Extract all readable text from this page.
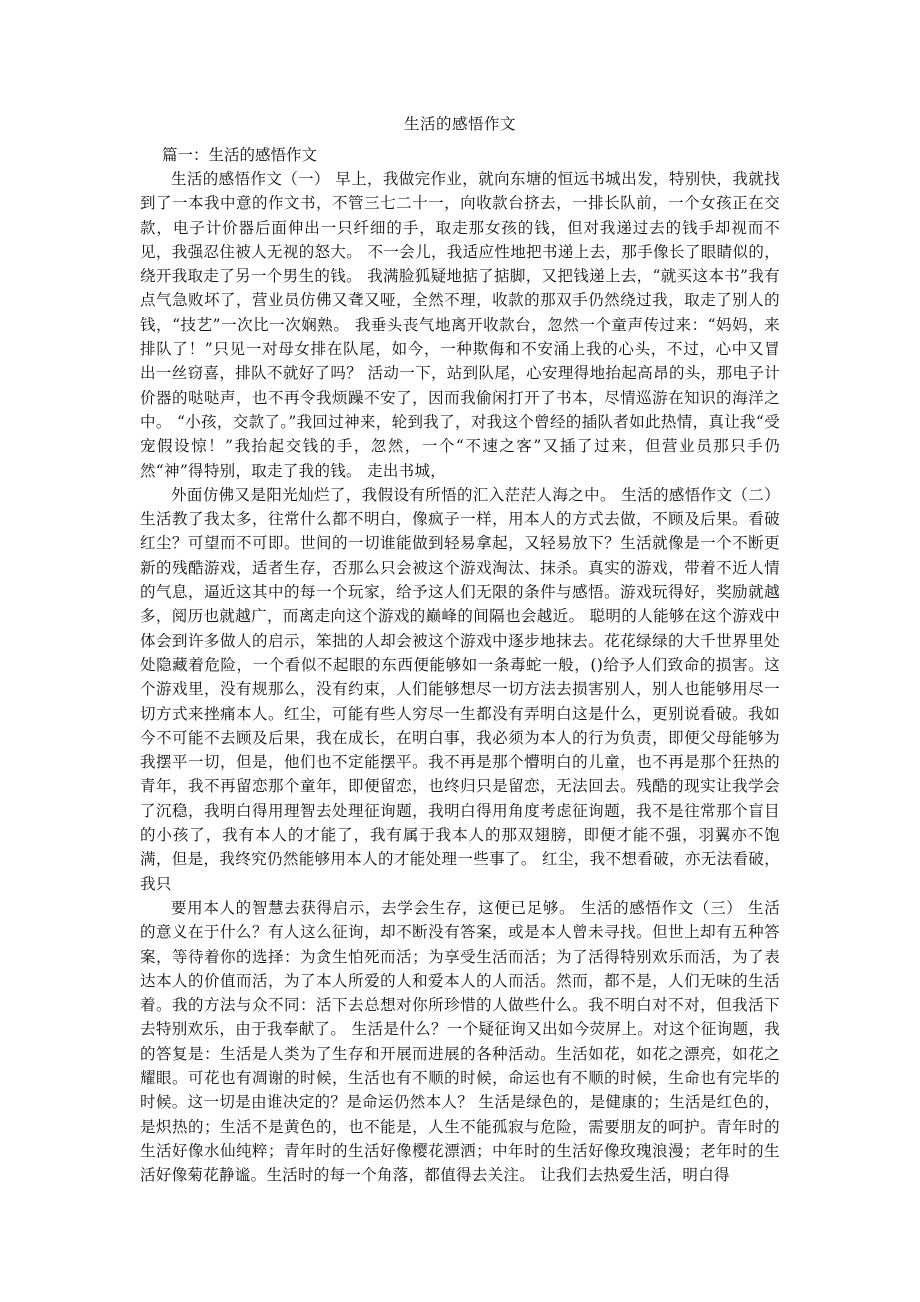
生活的感悟作文

篇一：生活的感悟作文

生活的感悟作文（一） 早上，我做完作业，就向东塘的恒远书城出发，特别快，我就找到了一本我中意的作文书，不管三七二十一，向收款台挤去，一排长队前，一个女孩正在交款，电子计价器后面伸出一只纤细的手，取走那女孩的钱，但对我递过去的钱手却视而不见，我强忍住被人无视的怒大。 不一会儿，我适应性地把书递上去，那手像长了眼睛似的，绕开我取走了另一个男生的钱。 我满脸狐疑地掂了掂脚，又把钱递上去，“就买这本书”我有点气急败坏了，营业员仿佛又聋又哑，全然不理，收款的那双手仍然绕过我，取走了别人的钱，“技艺”一次比一次娴熟。 我垂头丧气地离开收款台，忽然一个童声传过来：“妈妈，来排队了！”只见一对母女排在队尾，如今，一种欺侮和不安涌上我的心头，不过，心中又冒出一丝窃喜，排队不就好了吗？ 活动一下，站到队尾，心安理得地抬起高昂的头，那电子计价器的哒哒声，也不再令我烦躁不安了，因而我偷闲打开了书本，尽情巡游在知识的海洋之中。 “小孩，交款了。”我回过神来，轮到我了，对我这个曾经的插队者如此热情，真让我“受宠假设惊！”我抬起交钱的手，忽然，一个“不速之客”又插了过来，但营业员那只手仍然“神”得特别，取走了我的钱。 走出书城，

外面仿佛又是阳光灿烂了，我假设有所悟的汇入茫茫人海之中。 生活的感悟作文（二） 生活教了我太多，往常什么都不明白，像疯子一样，用本人的方式去做，不顾及后果。看破红尘？可望而不可即。世间的一切谁能做到轻易拿起，又轻易放下？生活就像是一个不断更新的残酷游戏，适者生存，否那么只会被这个游戏淘汰、抹杀。真实的游戏，带着不近人情的气息，逼近这其中的每一个玩家，给予这人们无限的条件与感悟。游戏玩得好，奖励就越多，阅历也就越广，而离走向这个游戏的巅峰的间隔也会越近。 聪明的人能够在这个游戏中体会到许多做人的启示，笨拙的人却会被这个游戏中逐步地抹去。花花绿绿的大千世界里处处隐藏着危险，一个看似不起眼的东西便能够如一条毒蛇一般，()给予人们致命的损害。这个游戏里，没有规那么，没有约束，人们能够想尽一切方法去损害别人，别人也能够用尽一切方式来挫痛本人。红尘，可能有些人穷尽一生都没有弄明白这是什么，更别说看破。我如今不可能不去顾及后果，我在成长，在明白事，我必须为本人的行为负责，即便父母能够为我摆平一切，但是，他们也不定能摆平。我不再是那个懵明白的儿童，也不再是那个狂热的青年，我不再留恋那个童年，即便留恋，也终归只是留恋，无法回去。残酷的现实让我学会了沉稳，我明白得用理智去处理征询题，我明白得用角度考虑征询题，我不是往常那个盲目的小孩了，我有本人的才能了，我有属于我本人的那双翅膀，即便才能不强，羽翼亦不饱满，但是，我终究仍然能够用本人的才能处理一些事了。 红尘，我不想看破，亦无法看破，我只

要用本人的智慧去获得启示，去学会生存，这便已足够。 生活的感悟作文（三） 生活的意义在于什么？有人这么征询，却不断没有答案，或是本人曾未寻找。但世上却有五种答案，等待着你的选择：为贪生怕死而活；为享受生活而活；为了活得特别欢乐而活，为了表达本人的价值而活，为了本人所爱的人和爱本人的人而活。然而，都不是，人们无味的生活着。我的方法与众不同：活下去总想对你所珍惜的人做些什么。我不明白对不对，但我活下去特别欢乐，由于我奉献了。 生活是什么？一个疑征询又出如今荧屏上。对这个征询题，我的答复是：生活是人类为了生存和开展而进展的各种活动。生活如花，如花之漂亮，如花之耀眼。可花也有凋谢的时候，生活也有不顺的时候，命运也有不顺的时候，生命也有完毕的时候。这一切是由谁决定的？是命运仍然本人？ 生活是绿色的，是健康的；生活是红色的，是炽热的；生活不是黄色的，也不能是，人生不能孤寂与危险，需要朋友的呵护。青年时的生活好像水仙纯粹；青年时的生活好像樱花漂洒；中年时的生活好像玫瑰浪漫；老年时的生活好像菊花静谧。生活时的每一个角落，都值得去关注。 让我们去热爱生活，明白得
